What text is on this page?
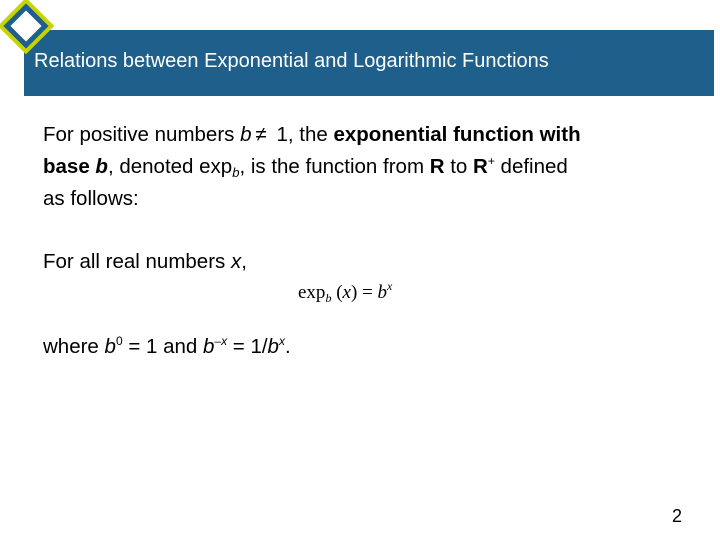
Relations between Exponential and Logarithmic Functions
For positive numbers b ≠ 1, the exponential function with
base b, denoted $\exp_b$, is the function from R to R+ defined
as follows:
For all real numbers x,
$\exp_b (x) = b^x$
where $b^0 = 1$ and $b^{-x} = 1/b^x$.
2
